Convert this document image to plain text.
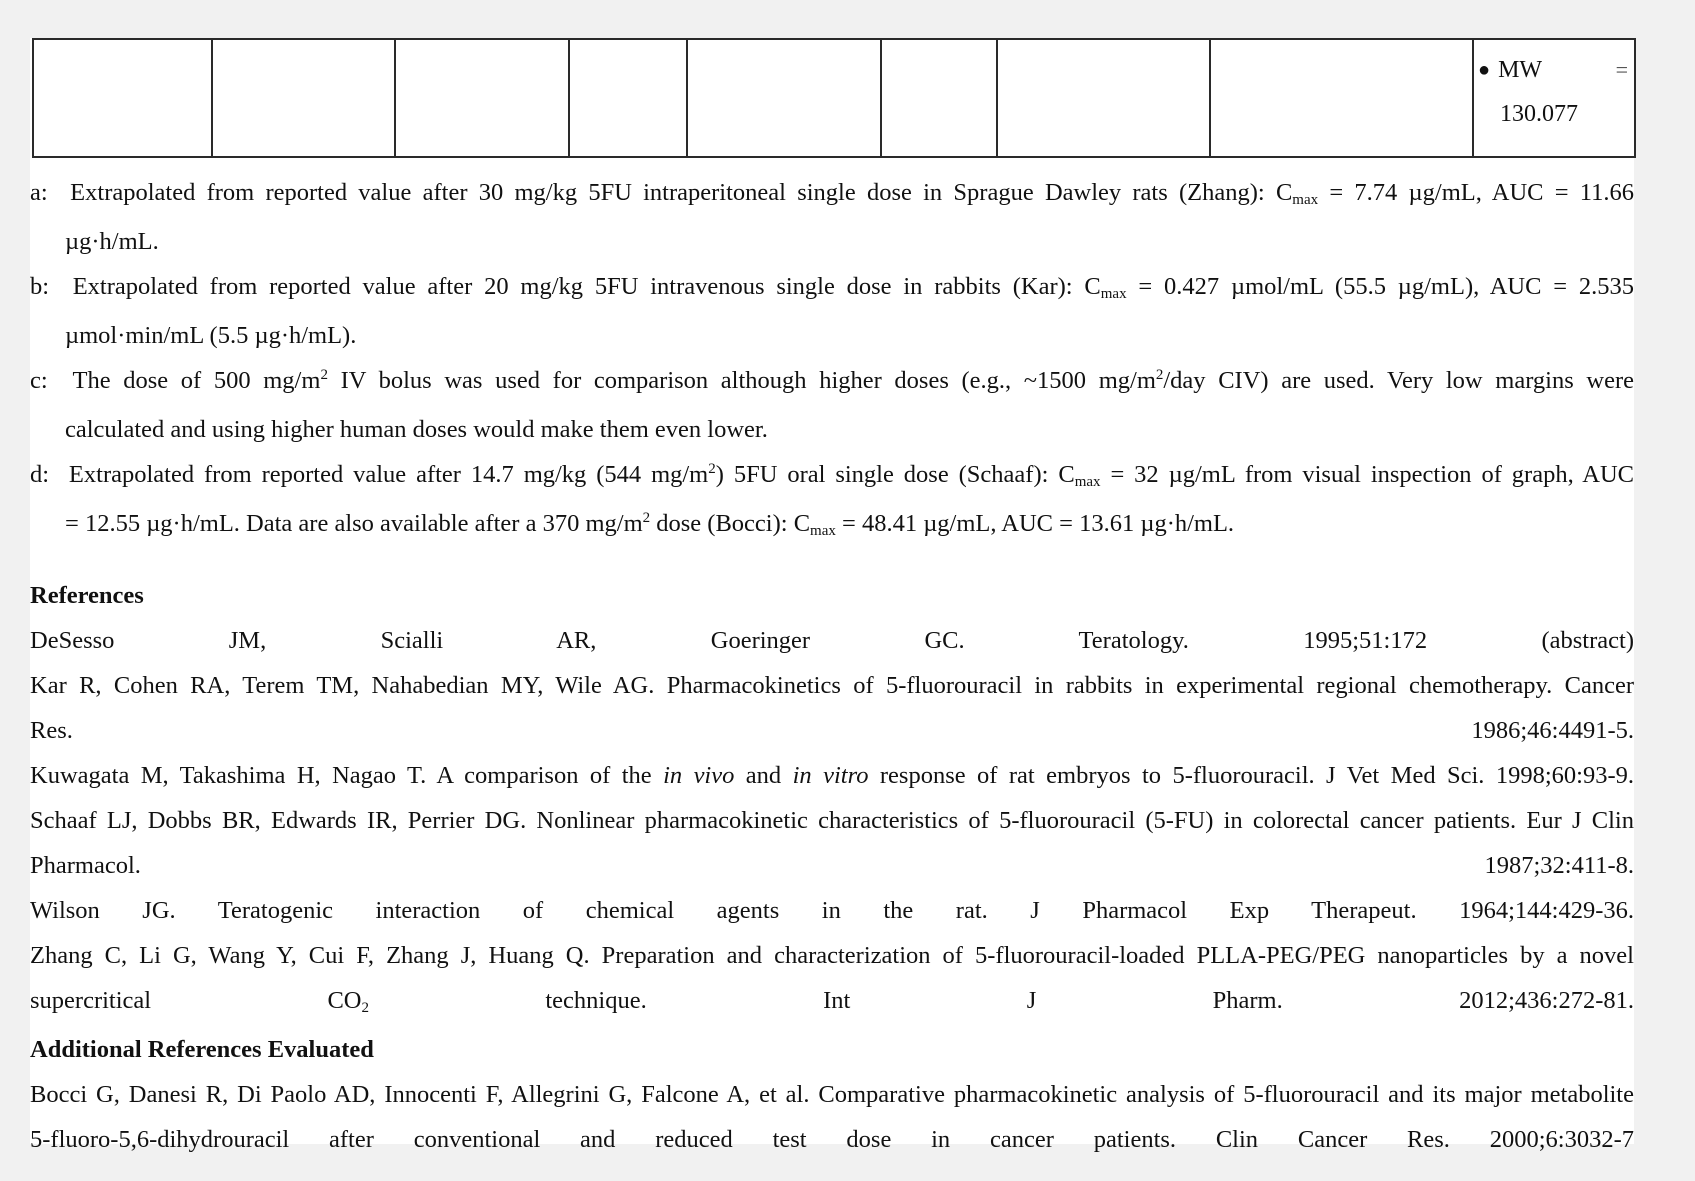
● MW	=
130.077
a: Extrapolated from reported value after 30 mg/kg 5FU intraperitoneal single dose in Sprague Dawley rats (Zhang): Cmax = 7.74 µg/mL, AUC = 11.66
µg·h/mL.
b: Extrapolated from reported value after 20 mg/kg 5FU intravenous single dose in rabbits (Kar): Cmax = 0.427 µmol/mL (55.5 µg/mL), AUC = 2.535
µmol·min/mL (5.5 µg·h/mL).
c: The dose of 500 $mg/m^2$ IV bolus was used for comparison although higher doses (e.g., ~1500 $mg/m^2$/day CIV) are used. Very low margins were
calculated and using higher human doses would make them even lower.
d: Extrapolated from reported value after 14.7 mg/kg (544 $mg/m^2$) 5FU oral single dose (Schaaf): Cmax = 32 µg/mL from visual inspection of graph, AUC
= 12.55 µg·h/mL. Data are also available after a 370 $mg/m^2$ dose (Bocci): Cmax = 48.41 µg/mL, AUC = 13.61 µg·h/mL.
References
DeSesso JM, Scialli AR, Goeringer GC. Teratology. 1995;51:172 (abstract)
Kar R, Cohen RA, Terem TM, Nahabedian MY, Wile AG. Pharmacokinetics of 5-fluorouracil in rabbits in experimental regional chemotherapy. Cancer
Res. 1986;46:4491-5.
Kuwagata M, Takashima H, Nagao T. A comparison of the in vivo and in vitro response of rat embryos to 5-fluorouracil. J Vet Med Sci. 1998;60:93-9.
Schaaf LJ, Dobbs BR, Edwards IR, Perrier DG. Nonlinear pharmacokinetic characteristics of 5-fluorouracil (5-FU) in colorectal cancer patients. Eur J Clin
Pharmacol. 1987;32:411-8.
Wilson JG. Teratogenic interaction of chemical agents in the rat. J Pharmacol Exp Therapeut. 1964;144:429-36.
Zhang C, Li G, Wang Y, Cui F, Zhang J, Huang Q. Preparation and characterization of 5-fluorouracil-loaded PLLA-PEG/PEG nanoparticles by a novel
supercritical CO2 technique. Int J Pharm. 2012;436:272-81.
Additional References Evaluated
Bocci G, Danesi R, Di Paolo AD, Innocenti F, Allegrini G, Falcone A, et al. Comparative pharmacokinetic analysis of 5-fluorouracil and its major metabolite
5-fluoro-5,6-dihydrouracil after conventional and reduced test dose in cancer patients. Clin Cancer Res. 2000;6:3032-7
